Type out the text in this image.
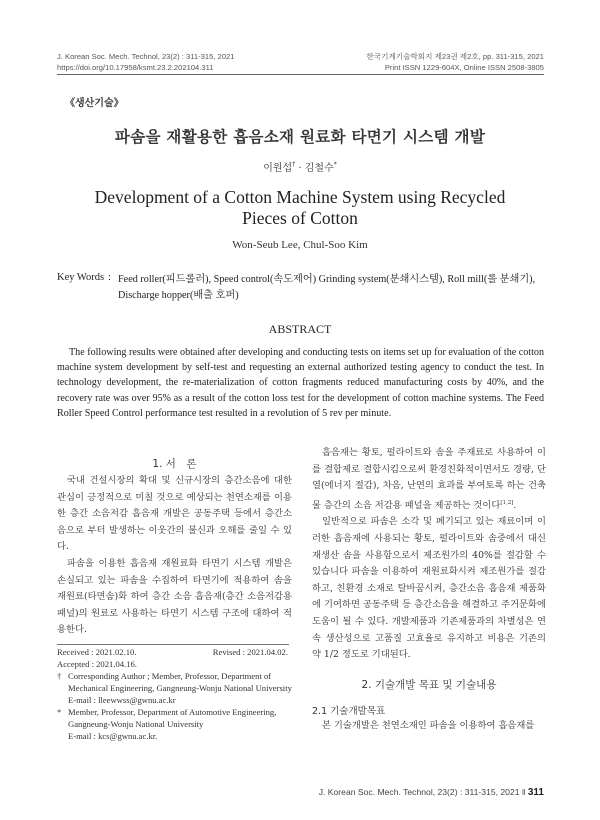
J. Korean Soc. Mech. Technol, 23(2) : 311-315, 2021
https://doi.org/10.17958/ksmt.23.2.202104.311
한국기계기술학회지 제23권 제2호, pp. 311-315, 2021
Print ISSN 1229-604X, Online ISSN 2508-3805
《생산기술》
파솜을 재활용한 흡음소재 원료화 타면기 시스템 개발
이원섭† · 김철수*
Development of a Cotton Machine System using Recycled
Pieces of Cotton
Won-Seub Lee, Chul-Soo Kim
Key Words : Feed roller(피드롤러), Speed control(속도제어) Grinding system(분쇄시스템), Roll mill(롤 분쇄기), Discharge hopper(배출 호퍼)
ABSTRACT
The following results were obtained after developing and conducting tests on items set up for evaluation of the cotton machine system development by self-test and requesting an external authorized testing agency to conduct the test. In technology development, the re-materialization of cotton fragments reduced manufacturing costs by 40%, and the recovery rate was over 95% as a result of the cotton loss test for the development of cotton machine systems. The Feed Roller Speed Control performance test resulted in a revolution of 5 rev per minute.
1. 서　론

국내 건설시장의 확대 및 신규시장의 층간소음에 대한 관심이 긍정적으로 미칠 것으로 예상되는 천연소재를 이용한 층간 소음저감 흡음재 개발은 공동주택 등에서 층간소음으로 부터 발생하는 이웃간의 불신과 오해를 줄일 수 있다.

파솜을 이용한 흡음재 재원료화 타면기 시스템 개발은 손실되고 있는 파솜을 수집하여 타면기에 적용하여 솜을 재원료(타면솜)화 하여 층간 소음 흡음재(층간 소음저감용 패널)의 원료로 사용하는 타면기 시스템 구조에 대하여 적용한다.

Received : 2021.02.10.	Revised : 2021.04.02.
Accepted : 2021.04.16.
† Corresponding Author ; Member, Professor, Department of Mechanical Engineering, Gangneung-Wonju National University
E-mail : lleewwss@gwnu.ac.kr
* Member, Professor, Department of Automotive Engineering, Gangneung-Wonju National University
E-mail : kcs@gwnu.ac.kr.

흡음재는 황토, 펄라이트와 솜을 주재료로 사용하여 이를 결합제로 결합시킴으로써 환경친화적이면서도 경량, 단열(에너지 절감), 차음, 난연의 효과를 부여토록 하는 건축물 층간의 소음 저감용 패널을 제공하는 것이다[1,2].

일반적으로 파솜은 소각 및 폐기되고 있는 재료이며 이러한 흡음재에 사용되는 황토, 펄라이트와 솜중에서 대신 재생산 솜을 사용함으로서 제조원가의 40%를 절감할 수 있습니다 파솜을 이용하여 재원료화시켜 제조원가를 절감하고, 친환경 소재로 탈바꿈시켜, 층간소음 흡음재 제품화에 기여하면 공동주택 등 층간소음을 해결하고 주거문화에 도움이 될 수 있다. 개발제품과 기존제품과의 차별성은 연속 생산성으로 고품질 고효율로 유지하고 비용은 기존의 약 1/2 정도로 기대된다.

2. 기술개발 목표 및 기술내용
2.1 기술개발목표

본 기술개발은 천연소재인 파솜을 이용하여 흡음재를

J. Korean Soc. Mech. Technol, 23(2) : 311-315, 2021 ‖ 311
